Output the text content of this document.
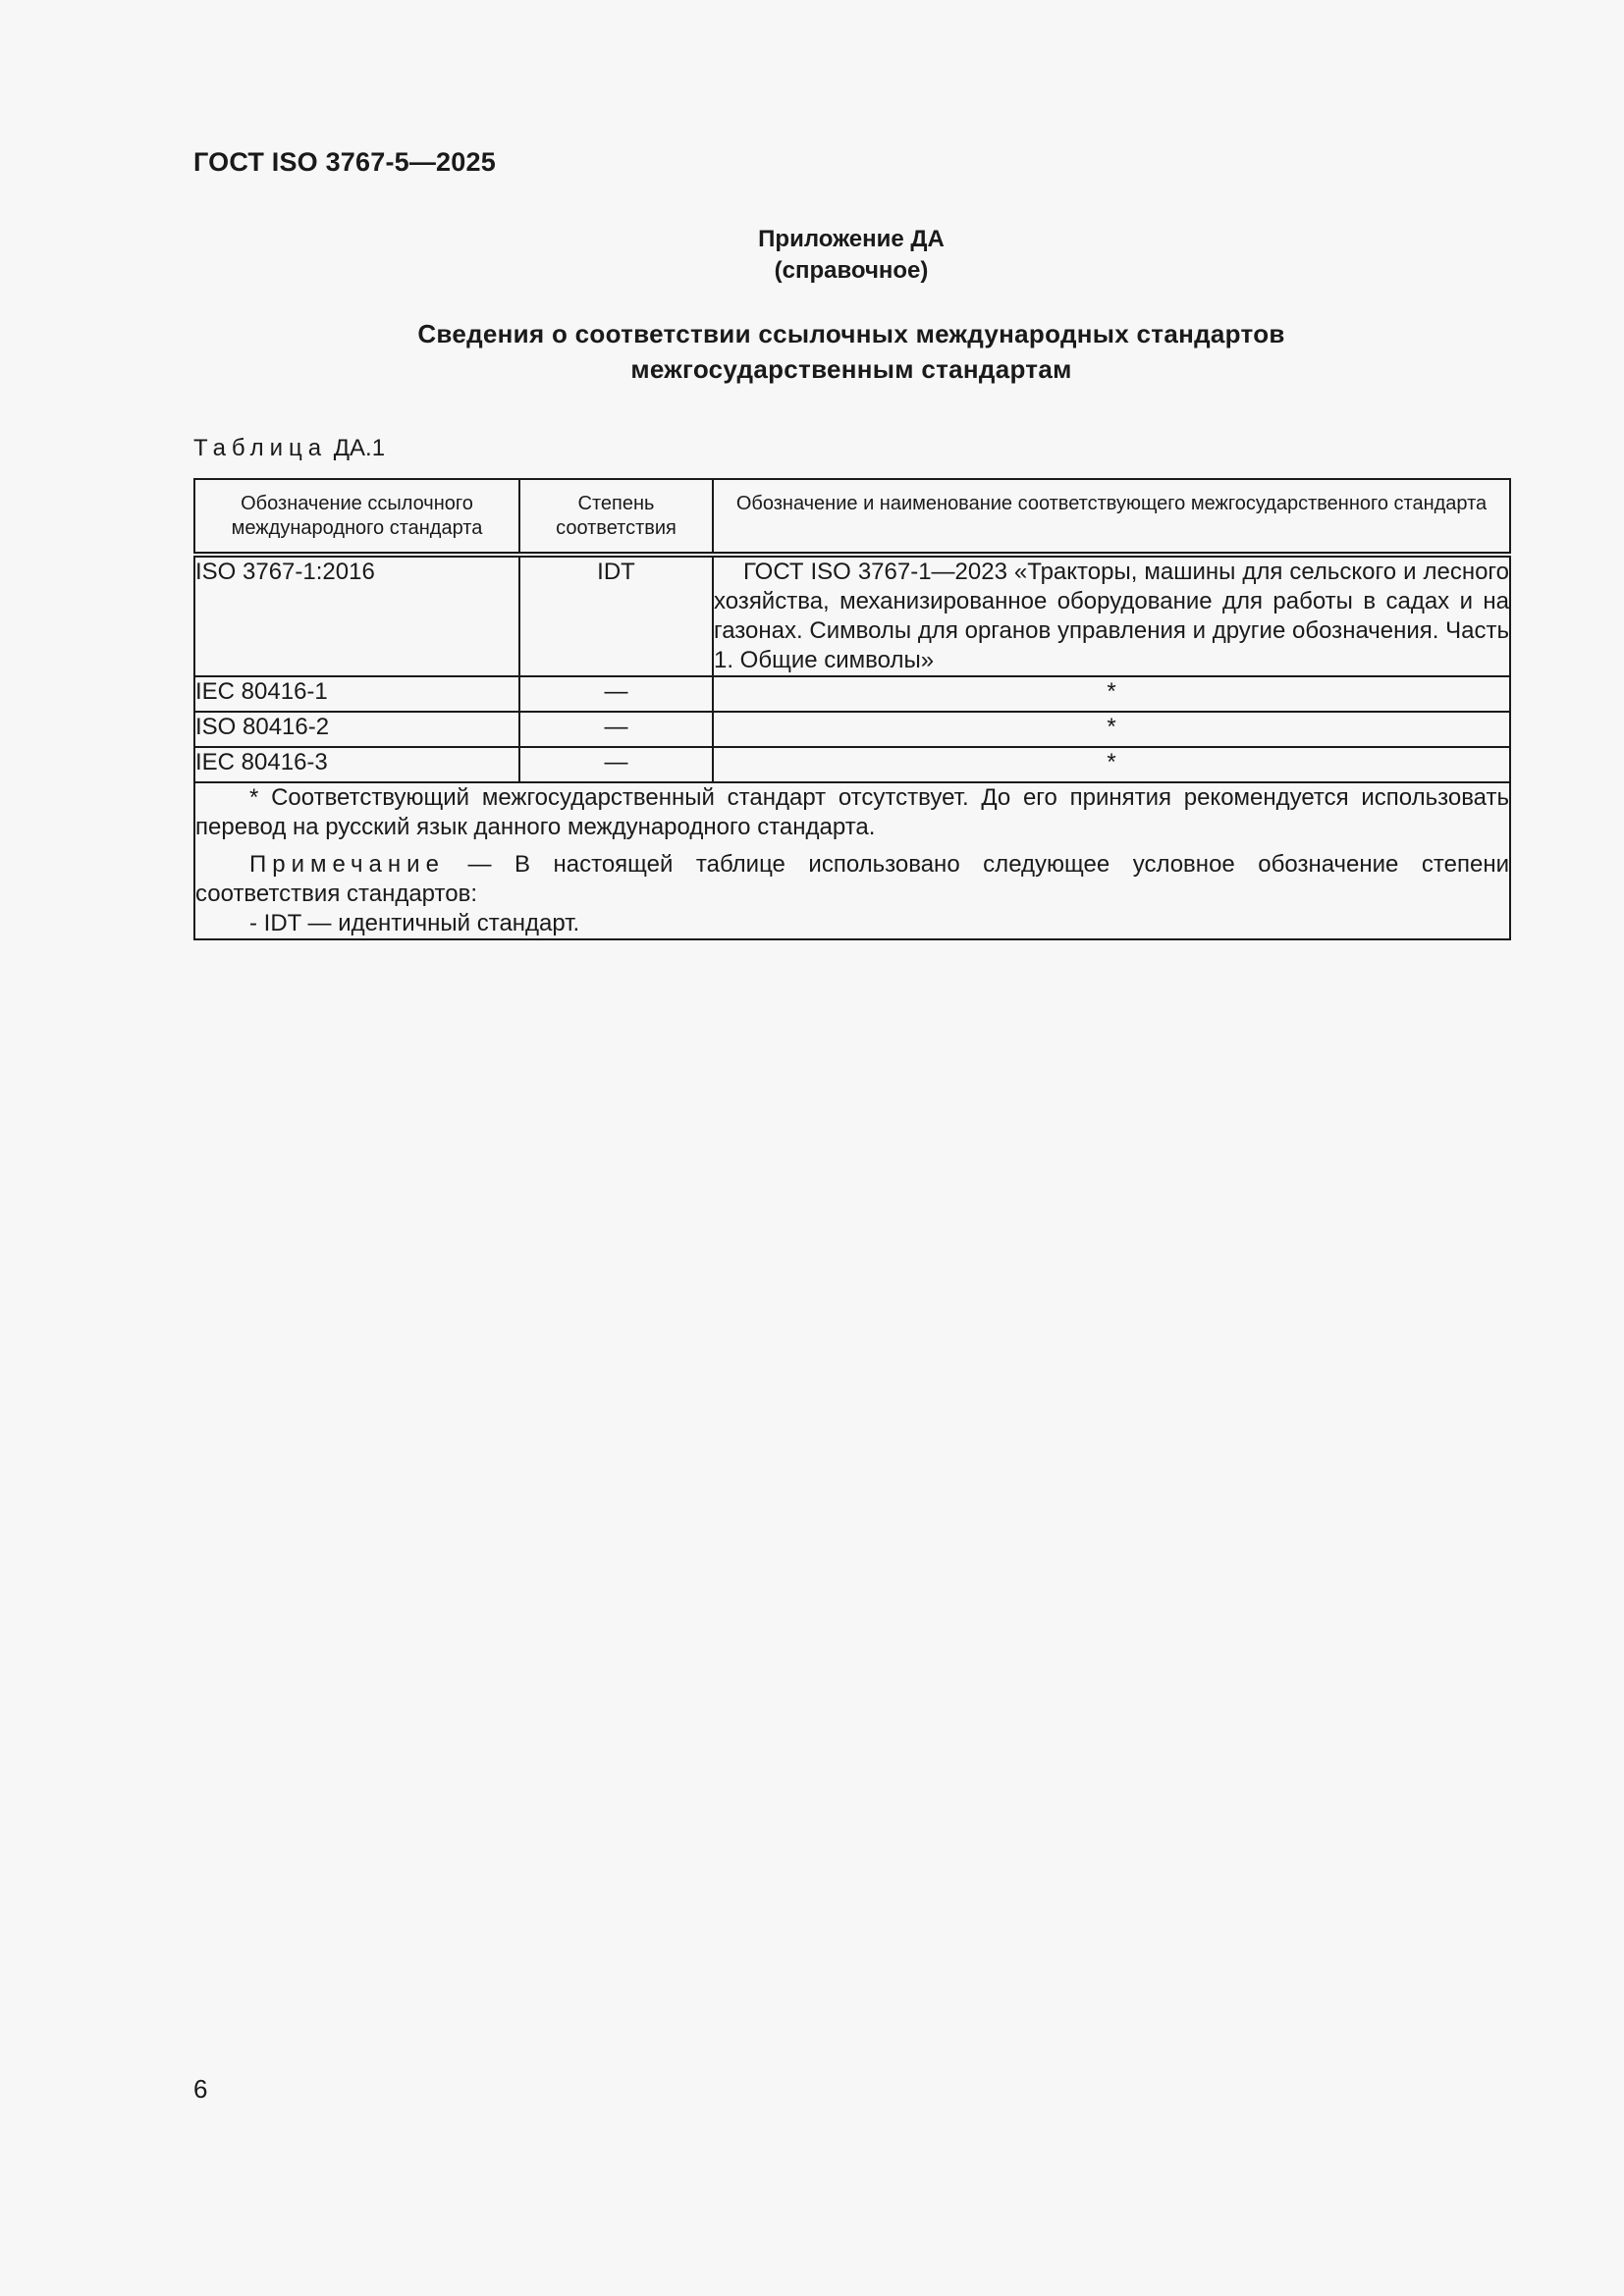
ГОСТ ISO 3767-5—2025
Приложение ДА
(справочное)
Сведения о соответствии ссылочных международных стандартов
межгосударственным стандартам
Таблица ДА.1
Обозначение ссылочного международного стандарта	Степень соответствия	Обозначение и наименование соответствующего межгосударственного стандарта
ISO 3767-1:2016	IDT	ГОСТ ISO 3767-1—2023 «Тракторы, машины для сельского и лесного хозяйства, механизированное оборудование для работы в садах и на газонах. Символы для органов управления и другие обозначения. Часть 1. Общие символы»
IEC 80416-1	—	*
ISO 80416-2	—	*
IEC 80416-3	—	*

* Соответствующий межгосударственный стандарт отсутствует. До его принятия рекомендуется использовать перевод на русский язык данного международного стандарта.

Примечание — В настоящей таблице использовано следующее условное обозначение степени соответствия стандартов:

- IDT — идентичный стандарт.		

6
